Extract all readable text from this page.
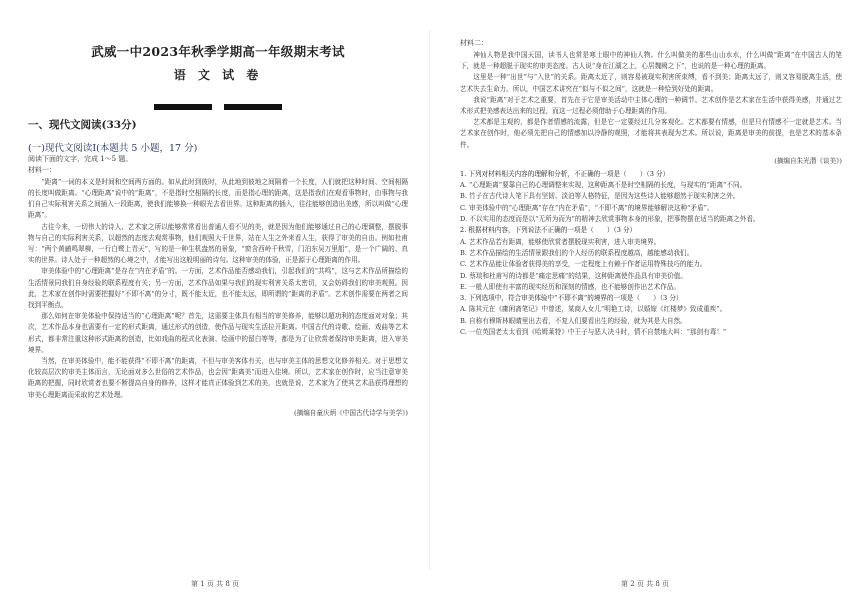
武威一中2023年秋季学期高一年级期末考试
语 文 试 卷
一、现代文阅读(33分)
(一)现代文阅读Ⅰ(本题共 5 小题，17 分)
阅读下面的文字，完成 1～5 题。
材料一：

“距离”一词的本义是时间和空间两方面的。如从此时到彼时，从此地到彼地之间隔着一个长度，人们就把这种时间、空间相隔的长度叫做距离。“心理距离”说中的“距离”，不是指时空相隔的长度，而是指心理的距离，这是指我们在观看事物时，由事物与我们自己实际利害关系之间插入一段距离，使我们能够换一种眼光去看世界。这种距离的插入，往往能够创造出美感，所以叫做“心理距离”。

古往今来，一切伟大的诗人、艺术家之所以能够常常看出普通人看不见的美，就是因为他们能够通过自己的心理调整，摆脱事物与自己的实际利害关系，以超然的态度去观赏事物，他们观照大千世界，站在人生之外来看人生，获得了审美的自由。例如杜甫写：“两个黄鹂鸣翠柳，一行白鹭上青天”，写的是一种生机盎然的景象，“窗含西岭千秋雪，门泊东吴万里船”，是一个广阔的、真实的世界。诗人处于一种超然的心境之中，才能写出这般明丽的诗句。这种审美的体验，正是源于心理距离的作用。

审美体验中的“心理距离”是存在“内在矛盾”的。一方面，艺术作品能否感动我们，引起我们的“共鸣”，这与艺术作品所描绘的生活情景同我们自身经验的联系程度有关；另一方面，艺术作品如果与我们的现实利害关系太密切，又会妨碍我们的审美观照。因此，艺术家在创作时需要把握好“不即不离”的分寸，既不能太近，也不能太远，即所谓的“距离的矛盾”。艺术创作需要在两者之间找到平衡点。

那么如何在审美体验中保持适当的“心理距离”呢？首先，这需要主体具有相当的审美修养，能够以超功利的态度面对对象；其次，艺术作品本身也需要有一定的形式距离，通过形式的创造，使作品与现实生活拉开距离。中国古代的诗歌、绘画、戏曲等艺术形式，都非常注重这种形式距离的创造，比如戏曲的程式化表演、绘画中的留白等等，都是为了让欣赏者保持审美距离，进入审美境界。

当然，在审美体验中，能不能获得“不即不离”的距离，不但与审美客体有关，也与审美主体的思想文化修养相关。对于思想文化较高层次的审美主体而言，无论面对多么世俗的艺术作品，也会因“距离美”而进入佳境。所以，艺术家在创作时，应当注意审美距离的把握，同时欣赏者也要不断提高自身的修养，这样才能真正体验到艺术的美，也就是说，艺术家为了使其艺术品获得理想的审美心理距离而采取的艺术处理。

(摘编自童庆炳《中国古代诗学与美学》)
第 1 页 共 8 页
材料二：

神仙人物是我中国天国，读书人也常是寒士眼中的神仙人物。什么叫做美的那些山山水水，什么叫做“距离”在中国古人的笔下，就是一种超脱于现实的审美态度。古人说“身在江湖之上，心居魏阙之下”，也说的是一种心理的距离。

这里是一种“出世”与“入世”的关系。距离太近了，则容易被现实利害所束缚，看不到美；距离太远了，则又容易脱离生活，使艺术失去生命力。所以，中国艺术讲究在“似与不似之间”，这就是一种恰到好处的距离。

我说“距离”对于艺术之重要，首先在于它是审美活动中主体心理的一种调节。艺术创作是艺术家在生活中获得美感，并通过艺术形式把美感表达出来的过程，而这一过程必须借助于心理距离的作用。

艺术都是主观的，都是作者情感的流露，但是它一定要经过几分客观化。艺术都要有情感，但是只有情感不一定就是艺术。当艺术家在创作时，他必须先把自己的情感加以冷静的观照，才能将其表现为艺术。所以说，距离是审美的前提，也是艺术的基本条件。

(摘编自朱光潜《谈美》)

1. 下列对材料相关内容的理解和分析，不正确的一项是（　　）（3 分）

A. “心理距离”要靠自己的心理调整来实现，这种距离不是时空相隔的长度，与现实的“距离”不同。

B. 竹子在古代诗人笔下具有坚韧、淡泊等人格特征，是因为这些诗人能够超然于现实利害之外。

C. 审美体验中的“心理距离”存在“内在矛盾”，“不即不离”的境界能够解决这种“矛盾”。

D. 不以实用的态度而是以“无所为而为”的精神去欣赏事物本身的形象，把事物摆在适当的距离之外看。

2. 根据材料内容，下列说法不正确的一项是（　　）（3 分）

A. 艺术作品若有距离，能够使欣赏者摆脱现实利害，进入审美境界。

B. 艺术作品描绘的生活情景跟我们的个人经历的联系程度越高，越能感动我们。

C. 艺术作品能让体验者获得美的享受，一定程度上有赖于作者运用特殊技巧的能力。

D. 蔡琰和杜甫写的诗都是“痛定思痛”的结果，这种距离使作品具有审美价值。

E. 一般人即使有丰富的现实经历和深刻的情感，也不能够创作出艺术作品。

3. 下列选项中，符合审美体验中“不即不离”的境界的一项是（　　）（3 分）

A. 陈其元在《庸闲斋笔记》中曾述，某商人女儿“明艳工诗，以婚嫁《红楼梦》致成重疾”。

B. 自称有穆斯林眼睛里出去看，不复人们要看出生的经验，就为其是大自然。

C. 一位英国老太太看到《哈姆莱特》中王子与恶人决斗时，情不自禁地大叫：“那剑有毒！”

第 2 页 共 8 页
